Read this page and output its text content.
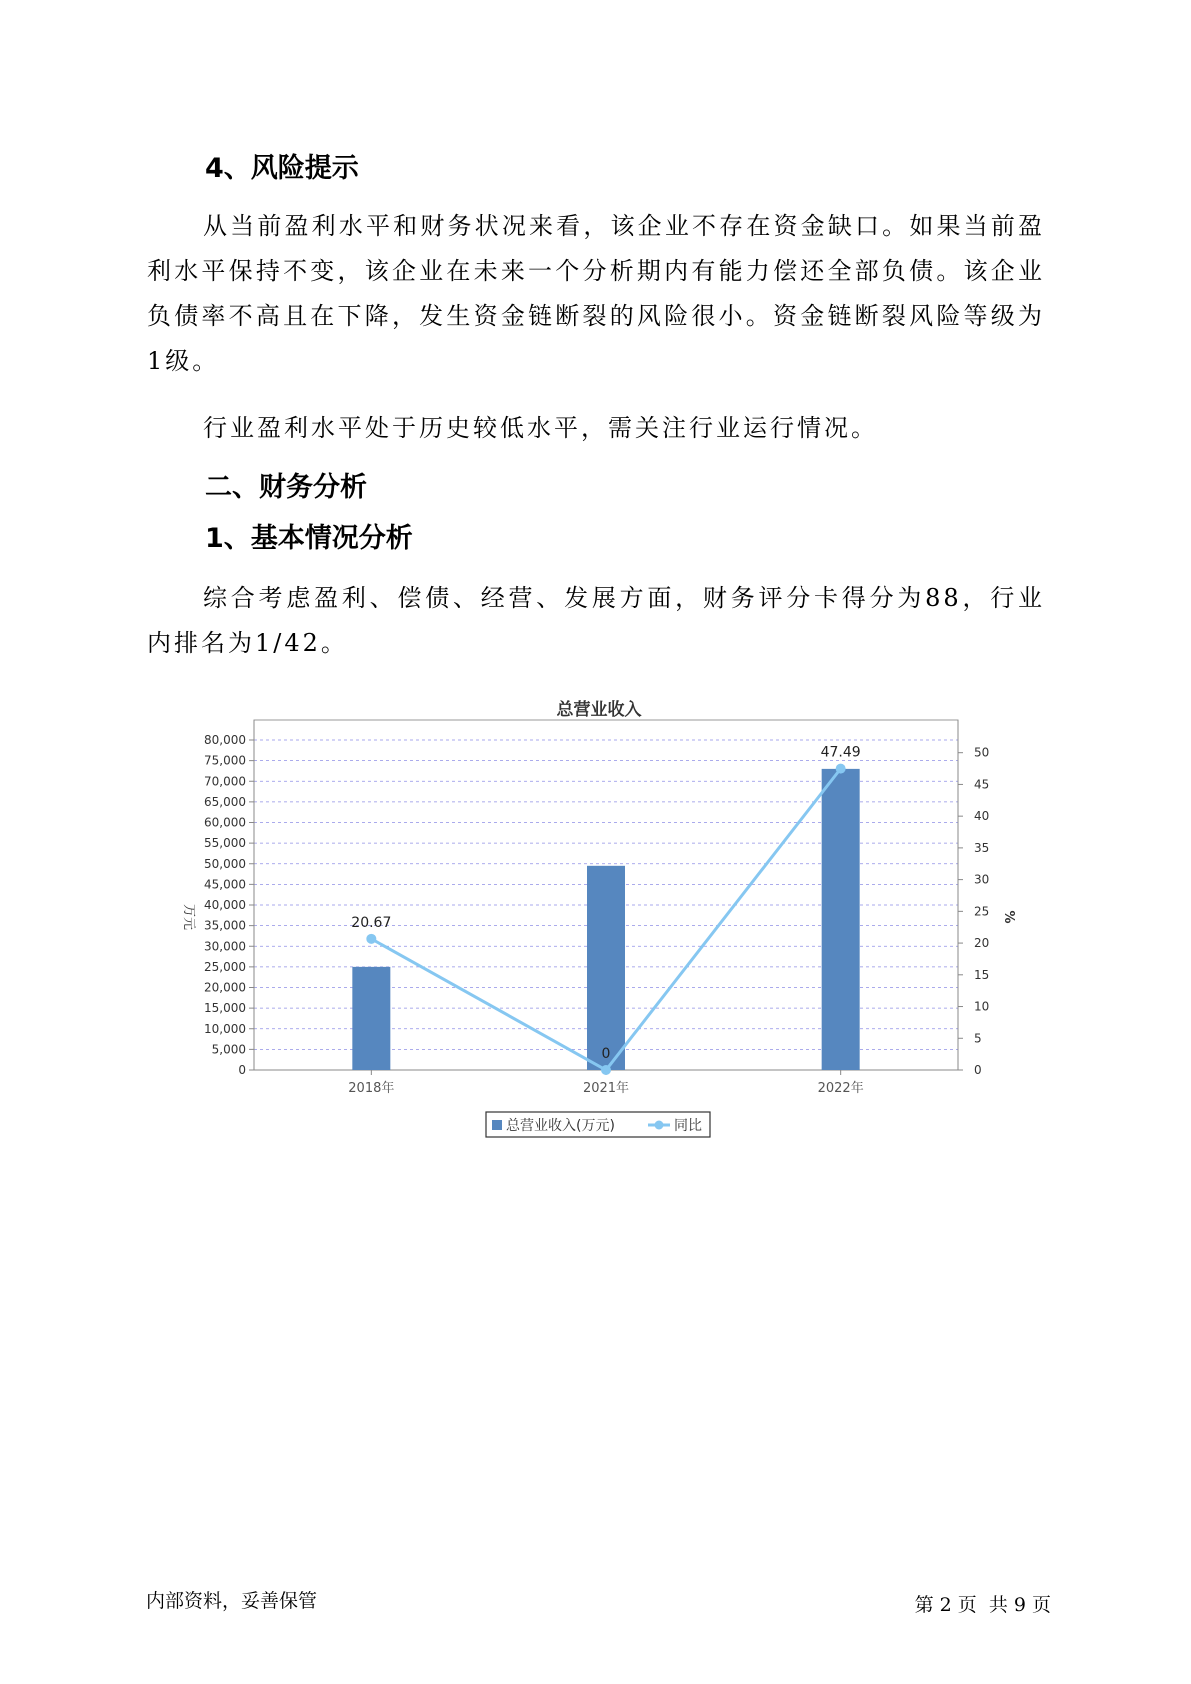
4、风险提示

从当前盈利水平和财务状况来看，该企业不存在资金缺口。如果当前盈利水平保持不变，该企业在未来一个分析期内有能力偿还全部负债。该企业负债率不高且在下降，发生资金链断裂的风险很小。资金链断裂风险等级为1级。

行业盈利水平处于历史较低水平，需关注行业运行情况。

二、财务分析
1、基本情况分析

综合考虑盈利、偿债、经营、发展方面，财务评分卡得分为88，行业内排名为1/42。

总营业收入
0
5,000
10,000
15,000
20,000
25,000
30,000
35,000
40,000
45,000
50,000
55,000
60,000
65,000
70,000
75,000
80,000
0
5
10
15
20
25
30
35
40
45
50
万元	%
2018年	2021年	2022年
20.67
0
47.49
总营业收入(万元)	同比
内部资料，妥善保管	第 2 页  共 9 页
